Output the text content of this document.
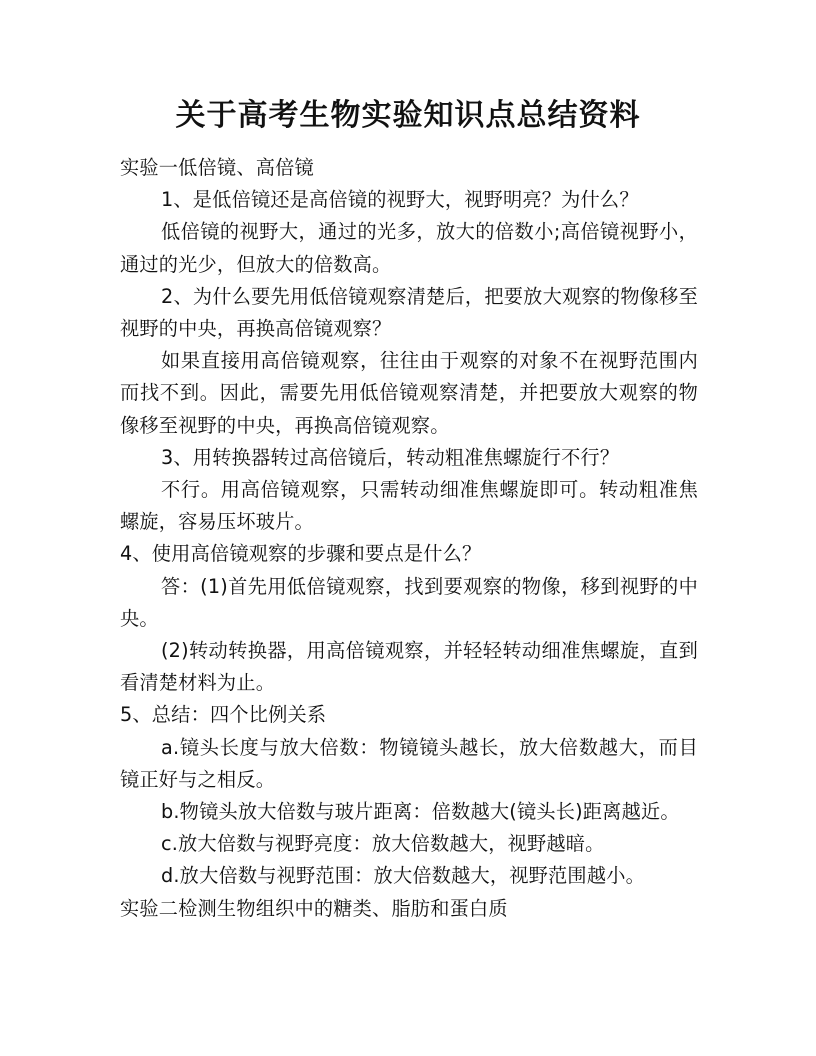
关于高考生物实验知识点总结资料

实验一低倍镜、高倍镜

1、是低倍镜还是高倍镜的视野大，视野明亮？为什么？

低倍镜的视野大，通过的光多，放大的倍数小;高倍镜视野小，通过的光少，但放大的倍数高。

2、为什么要先用低倍镜观察清楚后，把要放大观察的物像移至视野的中央，再换高倍镜观察？

如果直接用高倍镜观察，往往由于观察的对象不在视野范围内而找不到。因此，需要先用低倍镜观察清楚，并把要放大观察的物像移至视野的中央，再换高倍镜观察。

3、用转换器转过高倍镜后，转动粗准焦螺旋行不行？

不行。用高倍镜观察，只需转动细准焦螺旋即可。转动粗准焦螺旋，容易压坏玻片。

4、使用高倍镜观察的步骤和要点是什么？

答：(1)首先用低倍镜观察，找到要观察的物像，移到视野的中央。

(2)转动转换器，用高倍镜观察，并轻轻转动细准焦螺旋，直到看清楚材料为止。

5、总结：四个比例关系

a.镜头长度与放大倍数：物镜镜头越长，放大倍数越大，而目镜正好与之相反。

b.物镜头放大倍数与玻片距离：倍数越大(镜头长)距离越近。

c.放大倍数与视野亮度：放大倍数越大，视野越暗。

d.放大倍数与视野范围：放大倍数越大，视野范围越小。

实验二检测生物组织中的糖类、脂肪和蛋白质
